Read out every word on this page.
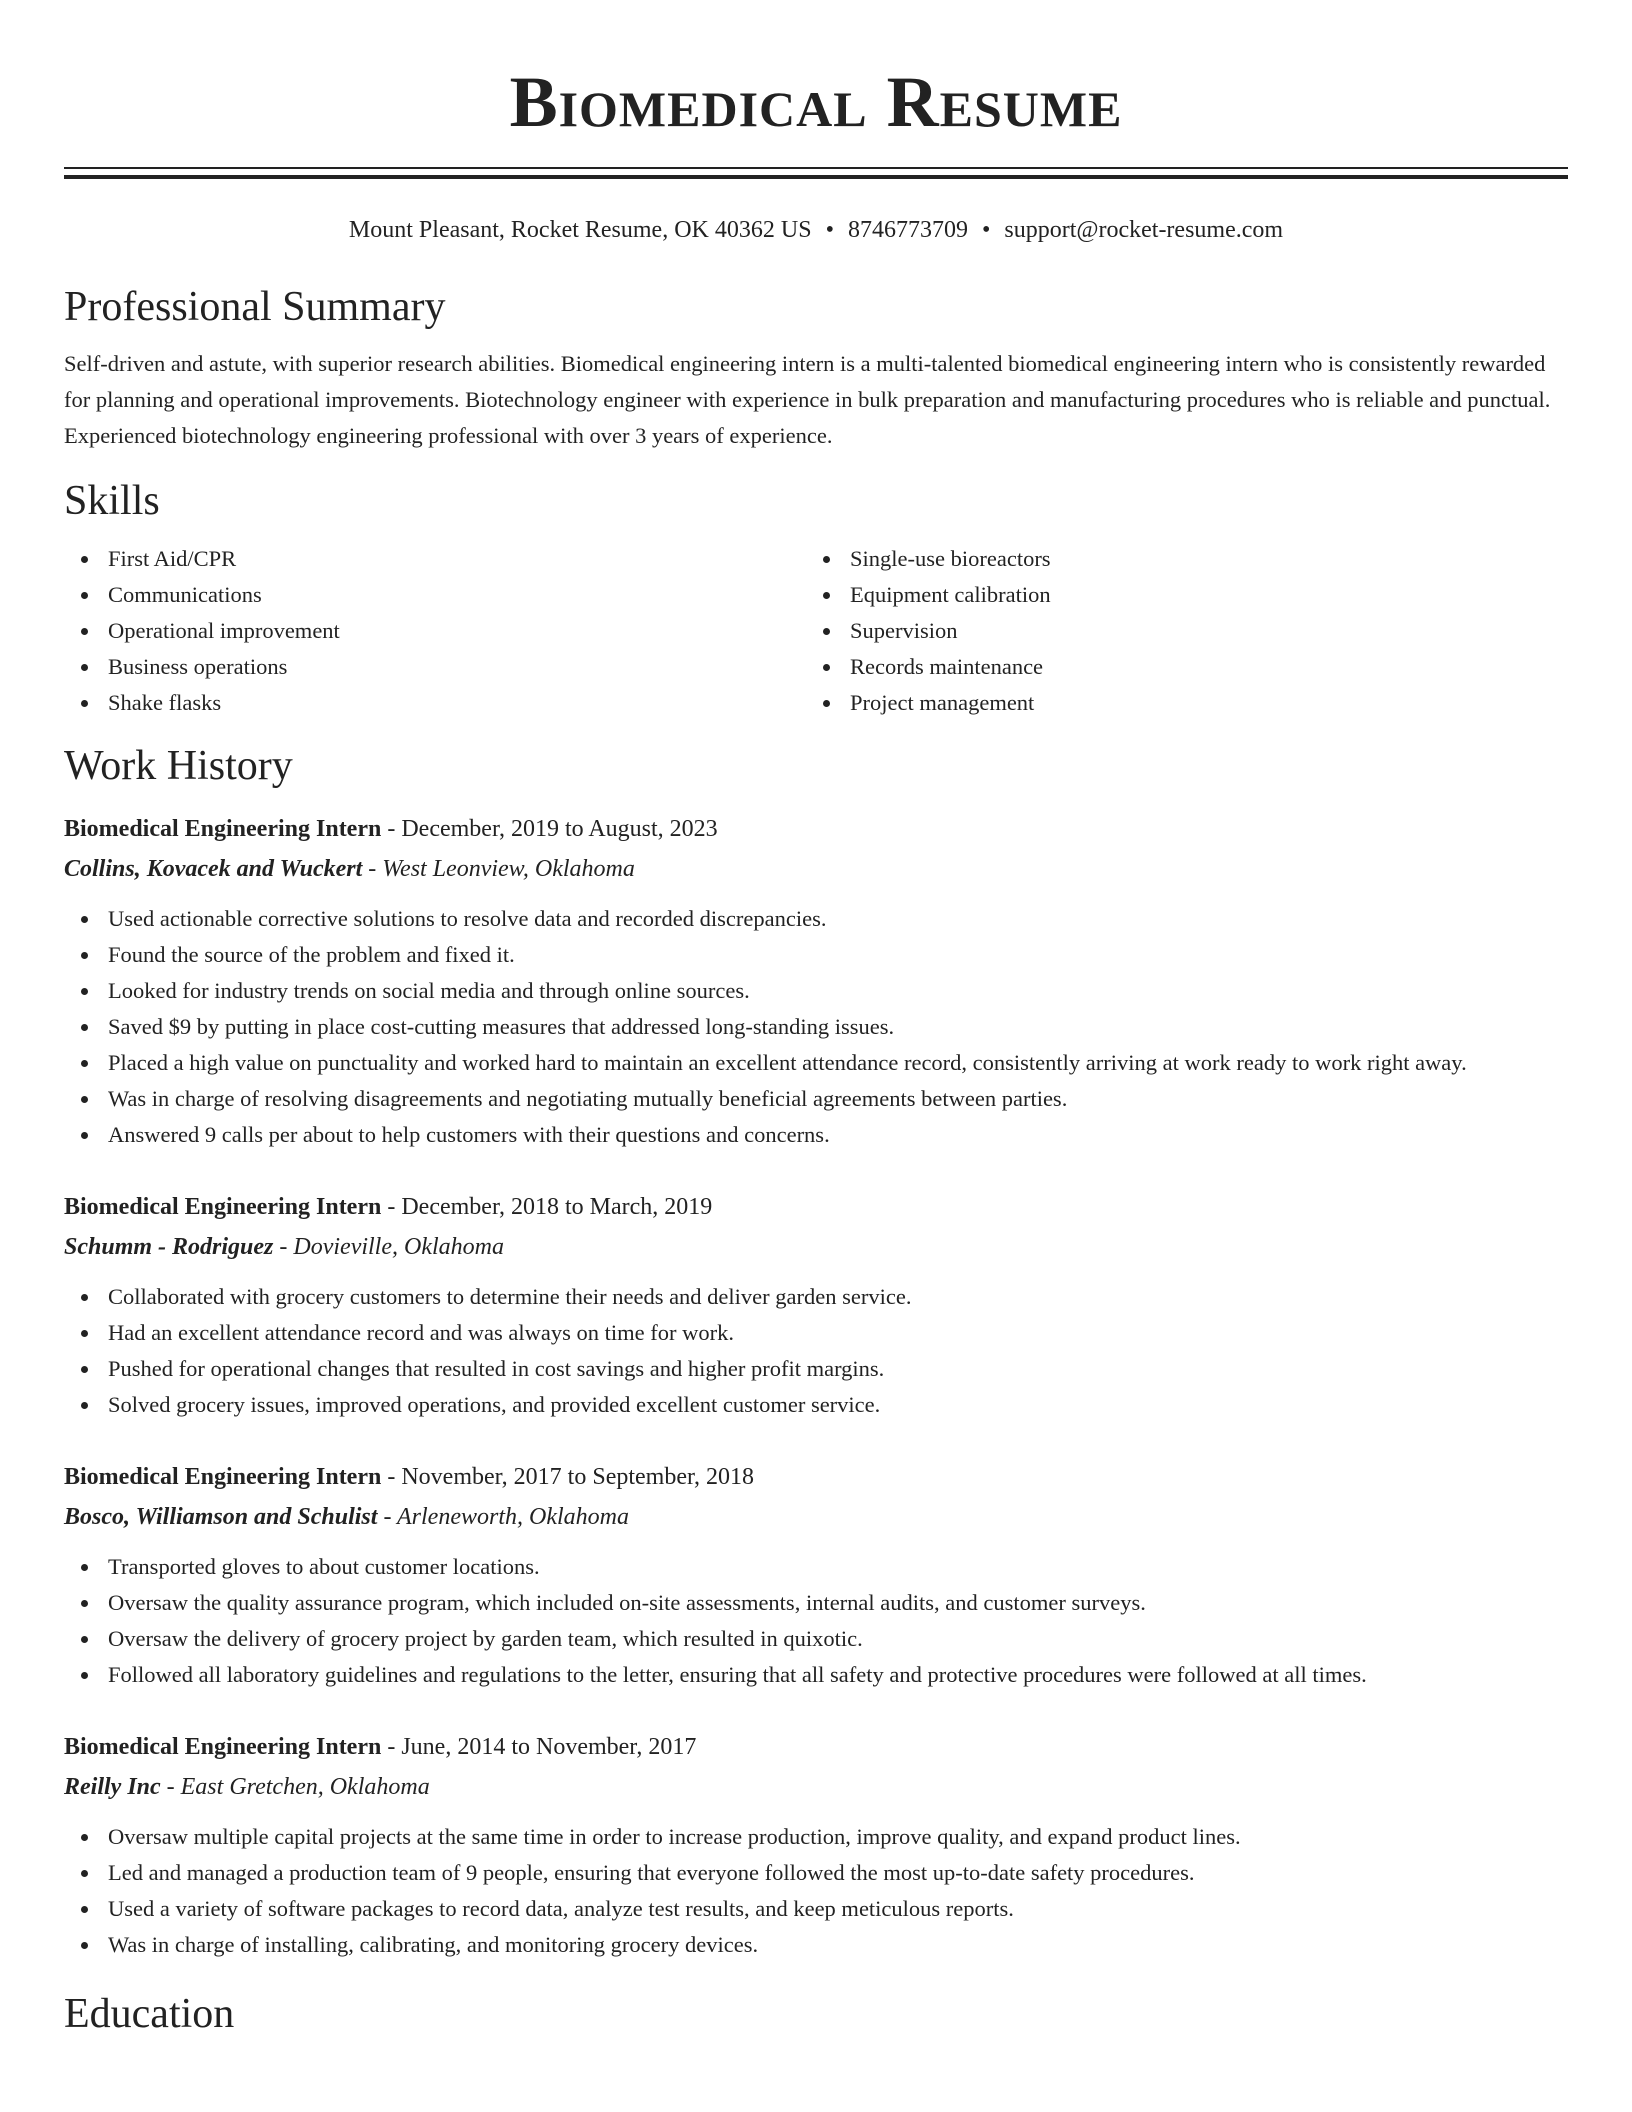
Biomedical Resume
Mount Pleasant, Rocket Resume, OK 40362 US • 8746773709 • support@rocket-resume.com
Professional Summary

Self-driven and astute, with superior research abilities. Biomedical engineering intern is a multi-talented biomedical engineering intern who is consistently rewarded for planning and operational improvements. Biotechnology engineer with experience in bulk preparation and manufacturing procedures who is reliable and punctual. Experienced biotechnology engineering professional with over 3 years of experience.

Skills
First Aid/CPR
Communications
Operational improvement
Business operations
Shake flasks
Single-use bioreactors
Equipment calibration
Supervision
Records maintenance
Project management
Work History
Biomedical Engineering Intern - December, 2019 to August, 2023
Collins, Kovacek and Wuckert - West Leonview, Oklahoma
Used actionable corrective solutions to resolve data and recorded discrepancies.
Found the source of the problem and fixed it.
Looked for industry trends on social media and through online sources.
Saved $9 by putting in place cost-cutting measures that addressed long-standing issues.
Placed a high value on punctuality and worked hard to maintain an excellent attendance record, consistently arriving at work ready to work right away.
Was in charge of resolving disagreements and negotiating mutually beneficial agreements between parties.
Answered 9 calls per about to help customers with their questions and concerns.
Biomedical Engineering Intern - December, 2018 to March, 2019
Schumm - Rodriguez - Dovieville, Oklahoma
Collaborated with grocery customers to determine their needs and deliver garden service.
Had an excellent attendance record and was always on time for work.
Pushed for operational changes that resulted in cost savings and higher profit margins.
Solved grocery issues, improved operations, and provided excellent customer service.
Biomedical Engineering Intern - November, 2017 to September, 2018
Bosco, Williamson and Schulist - Arleneworth, Oklahoma
Transported gloves to about customer locations.
Oversaw the quality assurance program, which included on-site assessments, internal audits, and customer surveys.
Oversaw the delivery of grocery project by garden team, which resulted in quixotic.
Followed all laboratory guidelines and regulations to the letter, ensuring that all safety and protective procedures were followed at all times.
Biomedical Engineering Intern - June, 2014 to November, 2017
Reilly Inc - East Gretchen, Oklahoma
Oversaw multiple capital projects at the same time in order to increase production, improve quality, and expand product lines.
Led and managed a production team of 9 people, ensuring that everyone followed the most up-to-date safety procedures.
Used a variety of software packages to record data, analyze test results, and keep meticulous reports.
Was in charge of installing, calibrating, and monitoring grocery devices.
Education
